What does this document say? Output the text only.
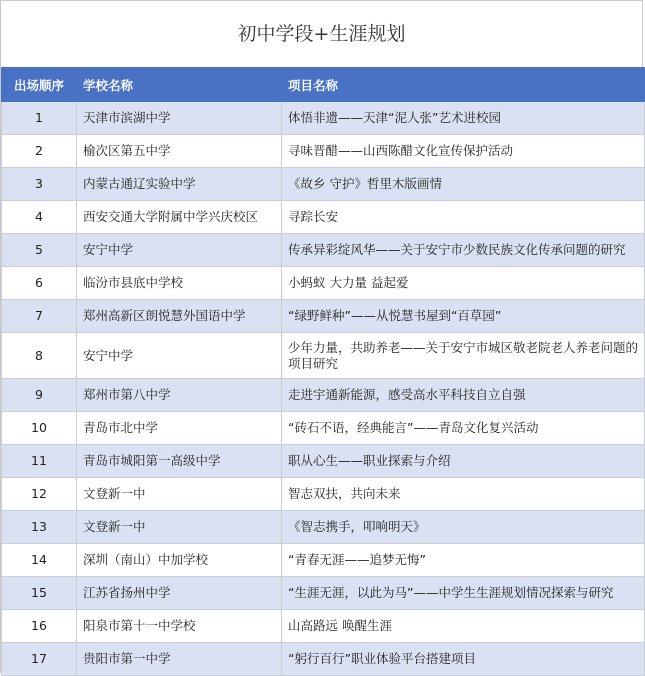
初中学段+生涯规划
出场顺序	学校名称	项目名称
1	天津市滨湖中学	体悟非遗——天津“泥人张”艺术进校园
2	榆次区第五中学	寻味晋醋——山西陈醋文化宣传保护活动
3	内蒙古通辽实验中学	《故乡 守护》哲里木版画情
4	西安交通大学附属中学兴庆校区	寻踪长安
5	安宁中学	传承异彩绽风华——关于安宁市少数民族文化传承问题的研究
6	临汾市县底中学校	小蚂蚁 大力量 益起爱
7	郑州高新区朗悦慧外国语中学	“绿野鲜种”——从悦慧书屋到“百草园”
8	安宁中学	少年力量，共助养老——关于安宁市城区敬老院老人养老问题的项目研究
9	郑州市第八中学	走进宇通新能源，感受高水平科技自立自强
10	青岛市北中学	“砖石不语，经典能言”——青岛文化复兴活动
11	青岛市城阳第一高级中学	职从心生——职业探索与介绍
12	文登新一中	智志双扶，共向未来
13	文登新一中	《智志携手，叩响明天》
14	深圳（南山）中加学校	“青春无涯——追梦无悔”
15	江苏省扬州中学	“生涯无涯，以此为马”——中学生生涯规划情况探索与研究
16	阳泉市第十一中学校	山高路远 唤醒生涯
17	贵阳市第一中学	“躬行百行”职业体验平台搭建项目
